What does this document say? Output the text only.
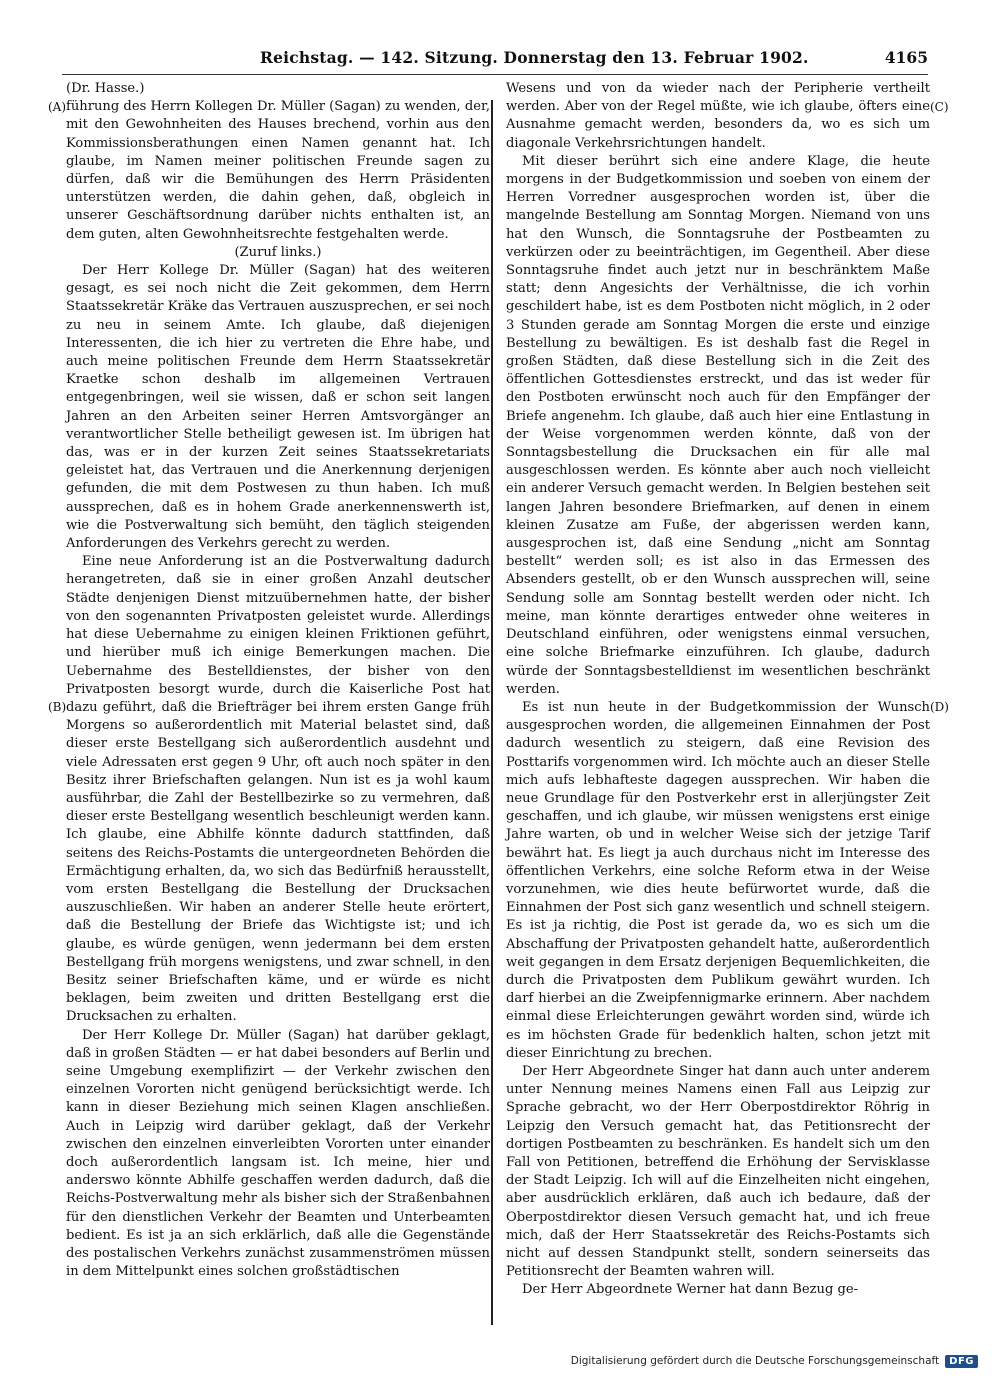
Reichstag. — 142. Sitzung. Donnerstag den 13. Februar 1902.	4165
(A)
(B)
(C)
(D)

(Dr. Hasse.)

führung des Herrn Kollegen Dr. Müller (Sagan) zu wenden, der, mit den Gewohnheiten des Hauses brechend, vorhin aus den Kommissionsberathungen einen Namen genannt hat. Ich glaube, im Namen meiner politischen Freunde sagen zu dürfen, daß wir die Bemühungen des Herrn Präsidenten unterstützen werden, die dahin gehen, daß, obgleich in unserer Geschäftsordnung darüber nichts enthalten ist, an dem guten, alten Gewohnheitsrechte festgehalten werde.

(Zuruf links.)

Der Herr Kollege Dr. Müller (Sagan) hat des weiteren gesagt, es sei noch nicht die Zeit gekommen, dem Herrn Staatssekretär Kräke das Vertrauen auszusprechen, er sei noch zu neu in seinem Amte. Ich glaube, daß diejenigen Interessenten, die ich hier zu vertreten die Ehre habe, und auch meine politischen Freunde dem Herrn Staatssekretär Kraetke schon deshalb im allgemeinen Vertrauen entgegenbringen, weil sie wissen, daß er schon seit langen Jahren an den Arbeiten seiner Herren Amtsvorgänger an verantwortlicher Stelle betheiligt gewesen ist. Im übrigen hat das, was er in der kurzen Zeit seines Staatssekretariats geleistet hat, das Vertrauen und die Anerkennung derjenigen gefunden, die mit dem Postwesen zu thun haben. Ich muß aussprechen, daß es in hohem Grade anerkennenswerth ist, wie die Postverwaltung sich bemüht, den täglich steigenden Anforderungen des Verkehrs gerecht zu werden.

Eine neue Anforderung ist an die Postverwaltung dadurch herangetreten, daß sie in einer großen Anzahl deutscher Städte denjenigen Dienst mitzuübernehmen hatte, der bisher von den sogenannten Privatposten geleistet wurde. Allerdings hat diese Uebernahme zu einigen kleinen Friktionen geführt, und hierüber muß ich einige Bemerkungen machen. Die Uebernahme des Bestelldienstes, der bisher von den Privatposten besorgt wurde, durch die Kaiserliche Post hat dazu geführt, daß die Briefträger bei ihrem ersten Gange früh Morgens so außerordentlich mit Material belastet sind, daß dieser erste Bestellgang sich außerordentlich ausdehnt und viele Adressaten erst gegen 9 Uhr, oft auch noch später in den Besitz ihrer Briefschaften gelangen. Nun ist es ja wohl kaum ausführbar, die Zahl der Bestellbezirke so zu vermehren, daß dieser erste Bestellgang wesentlich beschleunigt werden kann. Ich glaube, eine Abhilfe könnte dadurch stattfinden, daß seitens des Reichs-Postamts die untergeordneten Behörden die Ermächtigung erhalten, da, wo sich das Bedürfniß herausstellt, vom ersten Bestellgang die Bestellung der Drucksachen auszuschließen. Wir haben an anderer Stelle heute erörtert, daß die Bestellung der Briefe das Wichtigste ist; und ich glaube, es würde genügen, wenn jedermann bei dem ersten Bestellgang früh morgens wenigstens, und zwar schnell, in den Besitz seiner Briefschaften käme, und er würde es nicht beklagen, beim zweiten und dritten Bestellgang erst die Drucksachen zu erhalten.

Der Herr Kollege Dr. Müller (Sagan) hat darüber geklagt, daß in großen Städten — er hat dabei besonders auf Berlin und seine Umgebung exemplifizirt — der Verkehr zwischen den einzelnen Vororten nicht genügend berücksichtigt werde. Ich kann in dieser Beziehung mich seinen Klagen anschließen. Auch in Leipzig wird darüber geklagt, daß der Verkehr zwischen den einzelnen einverleibten Vororten unter einander doch außerordentlich langsam ist. Ich meine, hier und anderswo könnte Abhilfe geschaffen werden dadurch, daß die Reichs-Postverwaltung mehr als bisher sich der Straßenbahnen für den dienstlichen Verkehr der Beamten und Unterbeamten bedient. Es ist ja an sich erklärlich, daß alle die Gegenstände des postalischen Verkehrs zunächst zusammenströmen müssen in dem Mittelpunkt eines solchen großstädtischen

Wesens und von da wieder nach der Peripherie vertheilt werden. Aber von der Regel müßte, wie ich glaube, öfters eine Ausnahme gemacht werden, besonders da, wo es sich um diagonale Verkehrsrichtungen handelt.

Mit dieser berührt sich eine andere Klage, die heute morgens in der Budgetkommission und soeben von einem der Herren Vorredner ausgesprochen worden ist, über die mangelnde Bestellung am Sonntag Morgen. Niemand von uns hat den Wunsch, die Sonntagsruhe der Postbeamten zu verkürzen oder zu beeinträchtigen, im Gegentheil. Aber diese Sonntagsruhe findet auch jetzt nur in beschränktem Maße statt; denn Angesichts der Verhältnisse, die ich vorhin geschildert habe, ist es dem Postboten nicht möglich, in 2 oder 3 Stunden gerade am Sonntag Morgen die erste und einzige Bestellung zu bewältigen. Es ist deshalb fast die Regel in großen Städten, daß diese Bestellung sich in die Zeit des öffentlichen Gottesdienstes erstreckt, und das ist weder für den Postboten erwünscht noch auch für den Empfänger der Briefe angenehm. Ich glaube, daß auch hier eine Entlastung in der Weise vorgenommen werden könnte, daß von der Sonntagsbestellung die Drucksachen ein für alle mal ausgeschlossen werden. Es könnte aber auch noch vielleicht ein anderer Versuch gemacht werden. In Belgien bestehen seit langen Jahren besondere Briefmarken, auf denen in einem kleinen Zusatze am Fuße, der abgerissen werden kann, ausgesprochen ist, daß eine Sendung „nicht am Sonntag bestellt“ werden soll; es ist also in das Ermessen des Absenders gestellt, ob er den Wunsch aussprechen will, seine Sendung solle am Sonntag bestellt werden oder nicht. Ich meine, man könnte derartiges entweder ohne weiteres in Deutschland einführen, oder wenigstens einmal versuchen, eine solche Briefmarke einzuführen. Ich glaube, dadurch würde der Sonntagsbestelldienst im wesentlichen beschränkt werden.

Es ist nun heute in der Budgetkommission der Wunsch ausgesprochen worden, die allgemeinen Einnahmen der Post dadurch wesentlich zu steigern, daß eine Revision des Posttarifs vorgenommen wird. Ich möchte auch an dieser Stelle mich aufs lebhafteste dagegen aussprechen. Wir haben die neue Grundlage für den Postverkehr erst in allerjüngster Zeit geschaffen, und ich glaube, wir müssen wenigstens erst einige Jahre warten, ob und in welcher Weise sich der jetzige Tarif bewährt hat. Es liegt ja auch durchaus nicht im Interesse des öffentlichen Verkehrs, eine solche Reform etwa in der Weise vorzunehmen, wie dies heute befürwortet wurde, daß die Einnahmen der Post sich ganz wesentlich und schnell steigern. Es ist ja richtig, die Post ist gerade da, wo es sich um die Abschaffung der Privatposten gehandelt hatte, außerordentlich weit gegangen in dem Ersatz derjenigen Bequemlichkeiten, die durch die Privatposten dem Publikum gewährt wurden. Ich darf hierbei an die Zweipfennigmarke erinnern. Aber nachdem einmal diese Erleichterungen gewährt worden sind, würde ich es im höchsten Grade für bedenklich halten, schon jetzt mit dieser Einrichtung zu brechen.

Der Herr Abgeordnete Singer hat dann auch unter anderem unter Nennung meines Namens einen Fall aus Leipzig zur Sprache gebracht, wo der Herr Oberpostdirektor Röhrig in Leipzig den Versuch gemacht hat, das Petitionsrecht der dortigen Postbeamten zu beschränken. Es handelt sich um den Fall von Petitionen, betreffend die Erhöhung der Servisklasse der Stadt Leipzig. Ich will auf die Einzelheiten nicht eingehen, aber ausdrücklich erklären, daß auch ich bedaure, daß der Oberpostdirektor diesen Versuch gemacht hat, und ich freue mich, daß der Herr Staatssekretär des Reichs-Postamts sich nicht auf dessen Standpunkt stellt, sondern seinerseits das Petitionsrecht der Beamten wahren will.

Der Herr Abgeordnete Werner hat dann Bezug ge-

Digitalisierung gefördert durch die Deutsche Forschungsgemeinschaft	DFG
